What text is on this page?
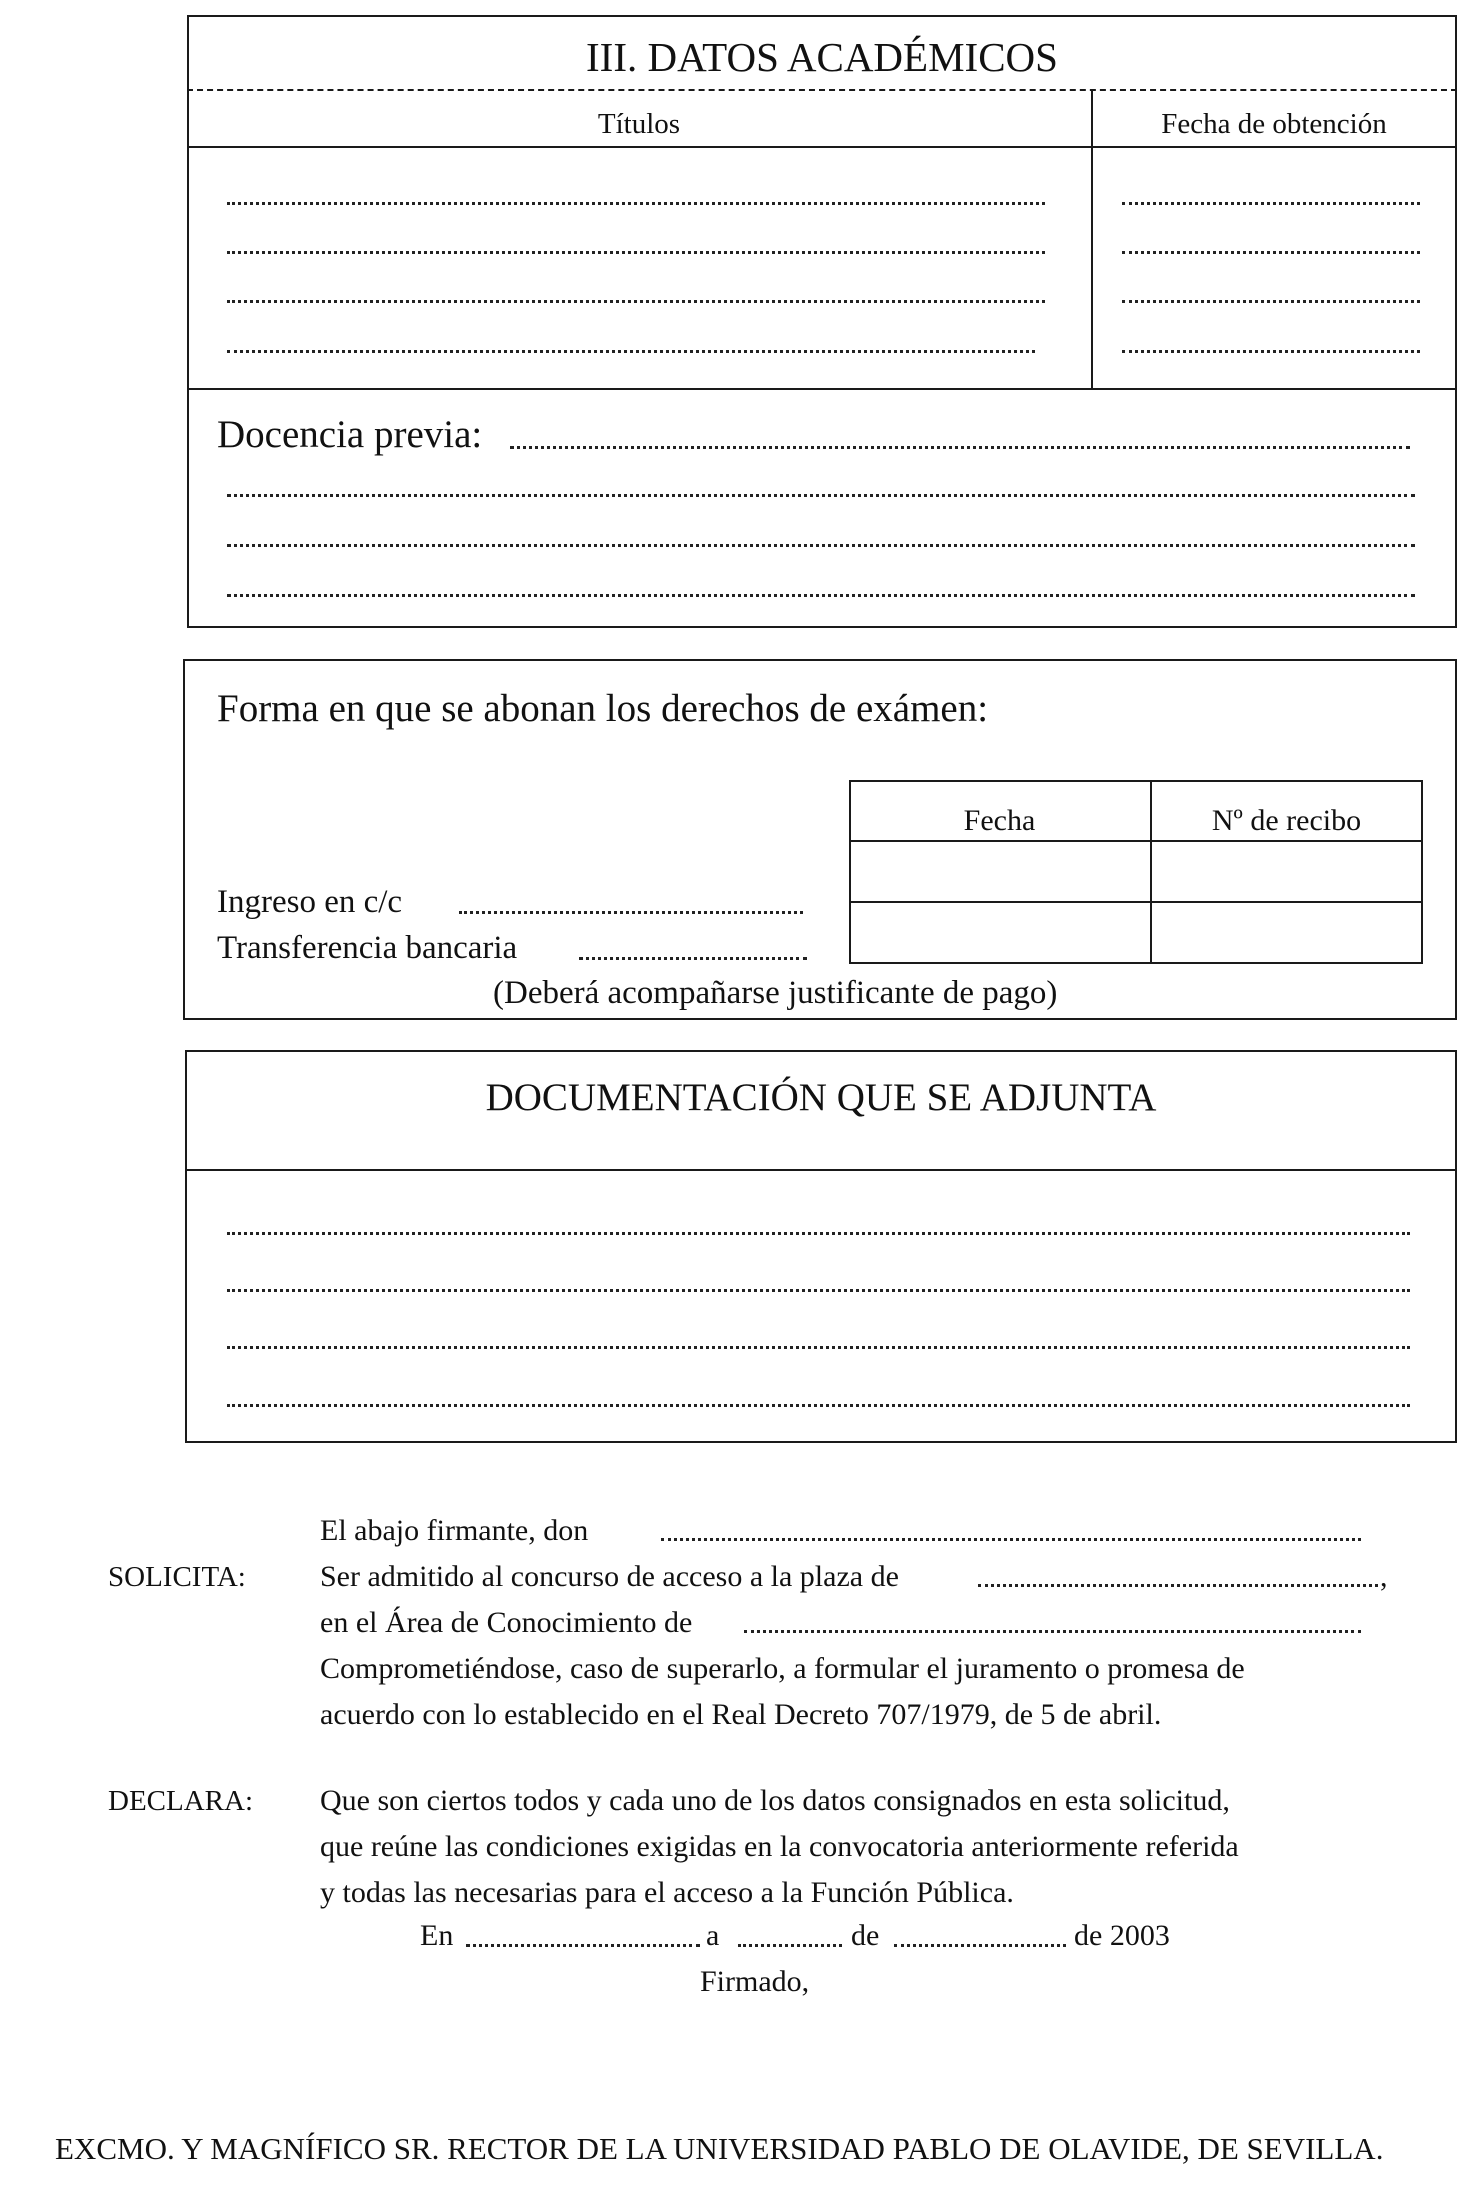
III. DATOS ACADÉMICOS
Títulos	Fecha de obtención
Docencia previa:
Forma en que se abonan los derechos de exámen:
Fecha	Nº de recibo
Ingreso en c/c
Transferencia bancaria
(Deberá acompañarse justificante de pago)
DOCUMENTACIÓN QUE SE ADJUNTA
El abajo firmante, don
SOLICITA: Ser admitido al concurso de acceso a la plaza de	,
en el Área de Conocimiento de
Comprometiéndose, caso de superarlo, a formular el juramento o promesa de
acuerdo con lo establecido en el Real Decreto 707/1979, de 5 de abril.
DECLARA: Que son ciertos todos y cada uno de los datos consignados en esta solicitud,
que reúne las condiciones exigidas en la convocatoria anteriormente referida
y todas las necesarias para el acceso a la Función Pública.
En	a	de	de 2003
Firmado,
EXCMO. Y MAGNÍFICO SR. RECTOR DE LA UNIVERSIDAD PABLO DE OLAVIDE, DE SEVILLA.
